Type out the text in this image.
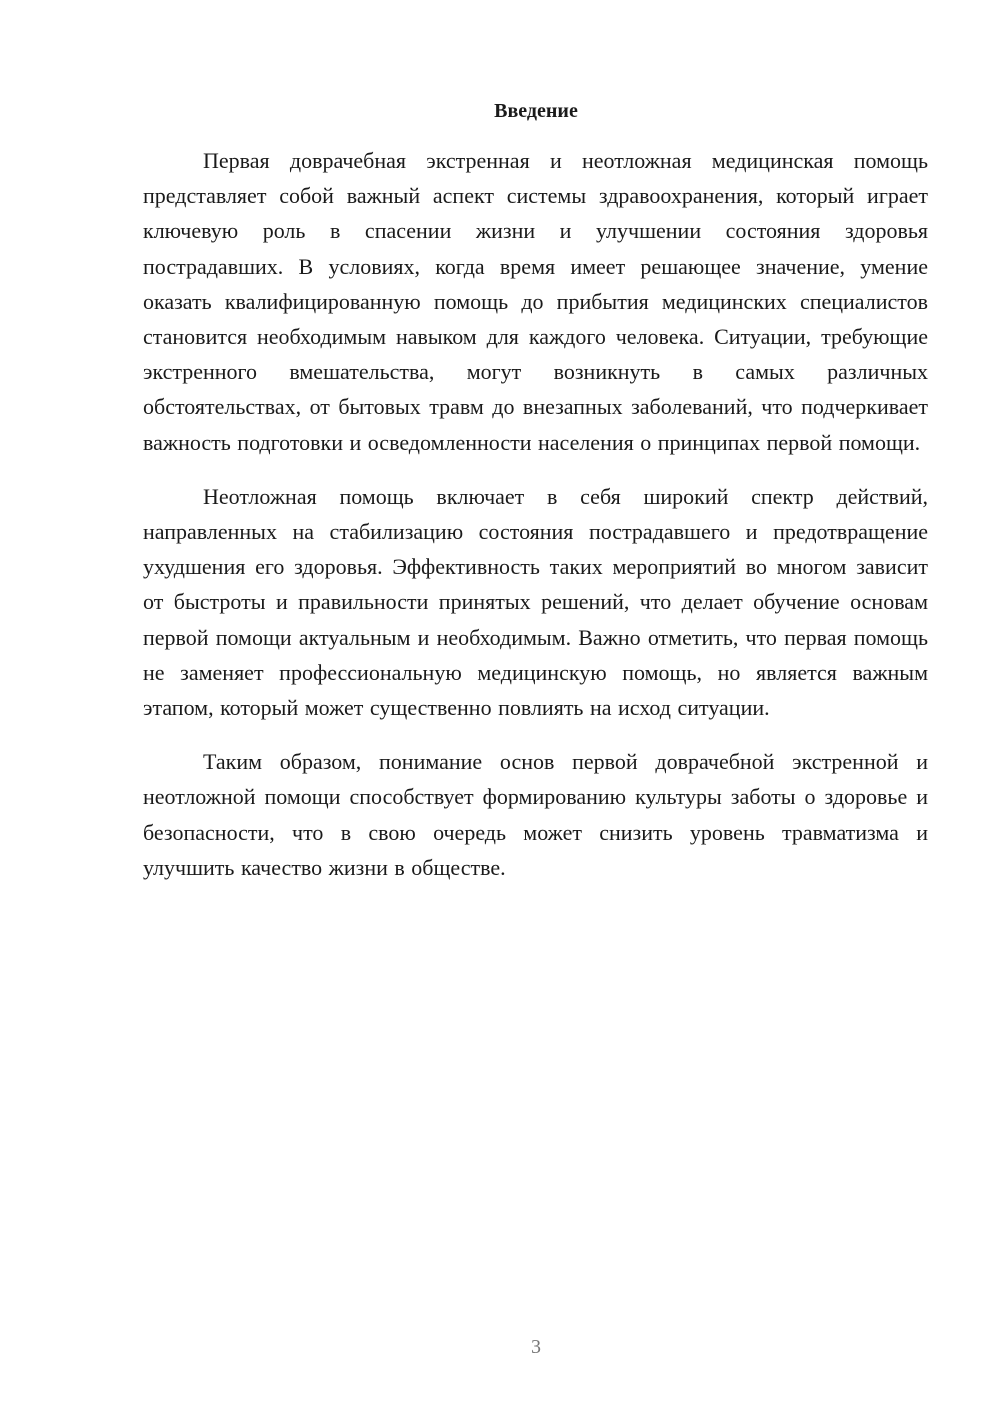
Введение

Первая доврачебная экстренная и неотложная медицинская помощь представляет собой важный аспект системы здравоохранения, который играет ключевую роль в спасении жизни и улучшении состояния здоровья пострадавших. В условиях, когда время имеет решающее значение, умение оказать квалифицированную помощь до прибытия медицинских специалистов становится необходимым навыком для каждого человека. Ситуации, требующие экстренного вмешательства, могут возникнуть в самых различных обстоятельствах, от бытовых травм до внезапных заболеваний, что подчеркивает важность подготовки и осведомленности населения о принципах первой помощи.

Неотложная помощь включает в себя широкий спектр действий, направленных на стабилизацию состояния пострадавшего и предотвращение ухудшения его здоровья. Эффективность таких мероприятий во многом зависит от быстроты и правильности принятых решений, что делает обучение основам первой помощи актуальным и необходимым. Важно отметить, что первая помощь не заменяет профессиональную медицинскую помощь, но является важным этапом, который может существенно повлиять на исход ситуации.

Таким образом, понимание основ первой доврачебной экстренной и неотложной помощи способствует формированию культуры заботы о здоровье и безопасности, что в свою очередь может снизить уровень травматизма и улучшить качество жизни в обществе.

3
